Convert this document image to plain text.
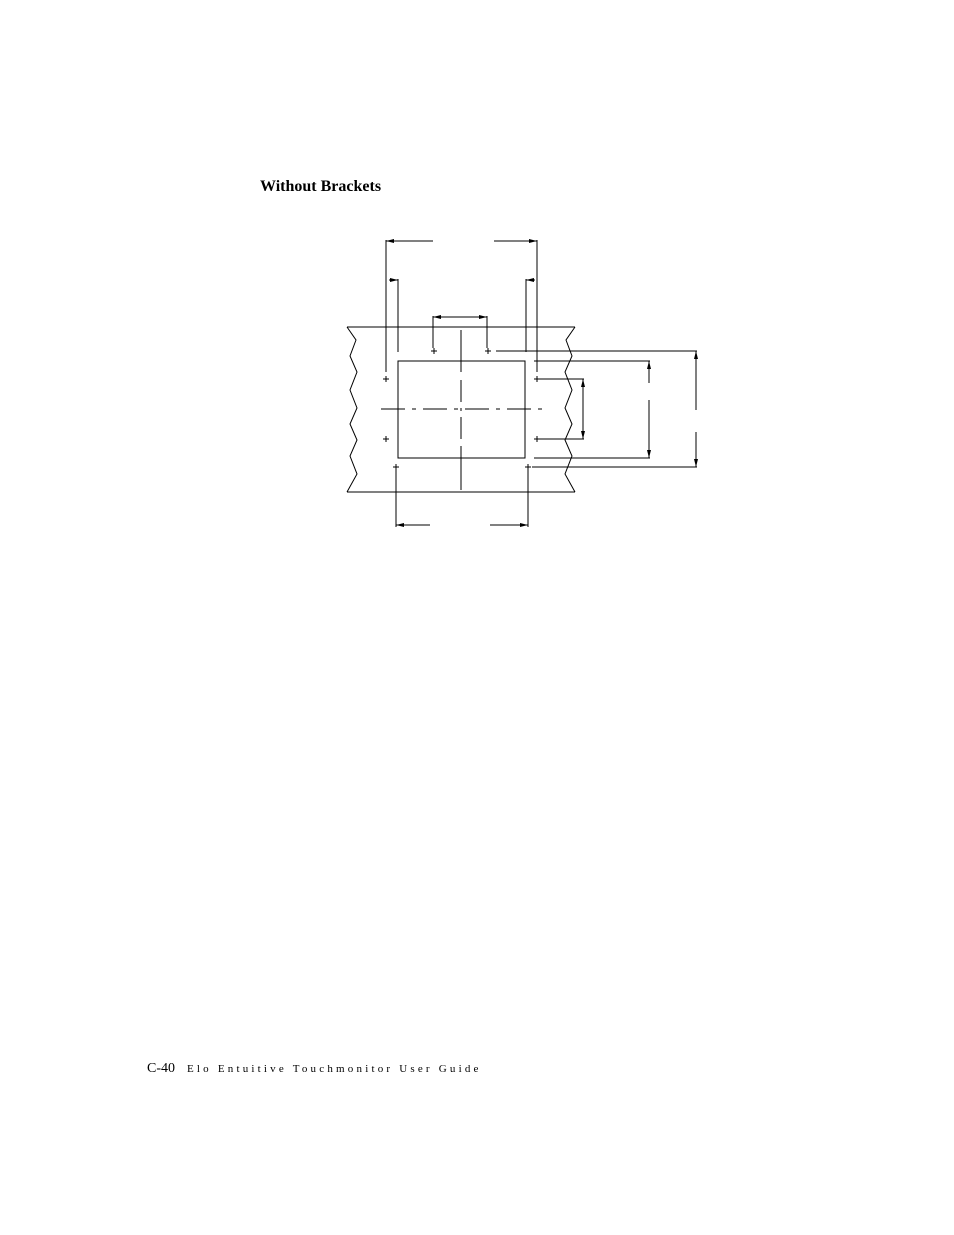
Without Brackets
C-40 Elo Entuitive Touchmonitor User Guide
